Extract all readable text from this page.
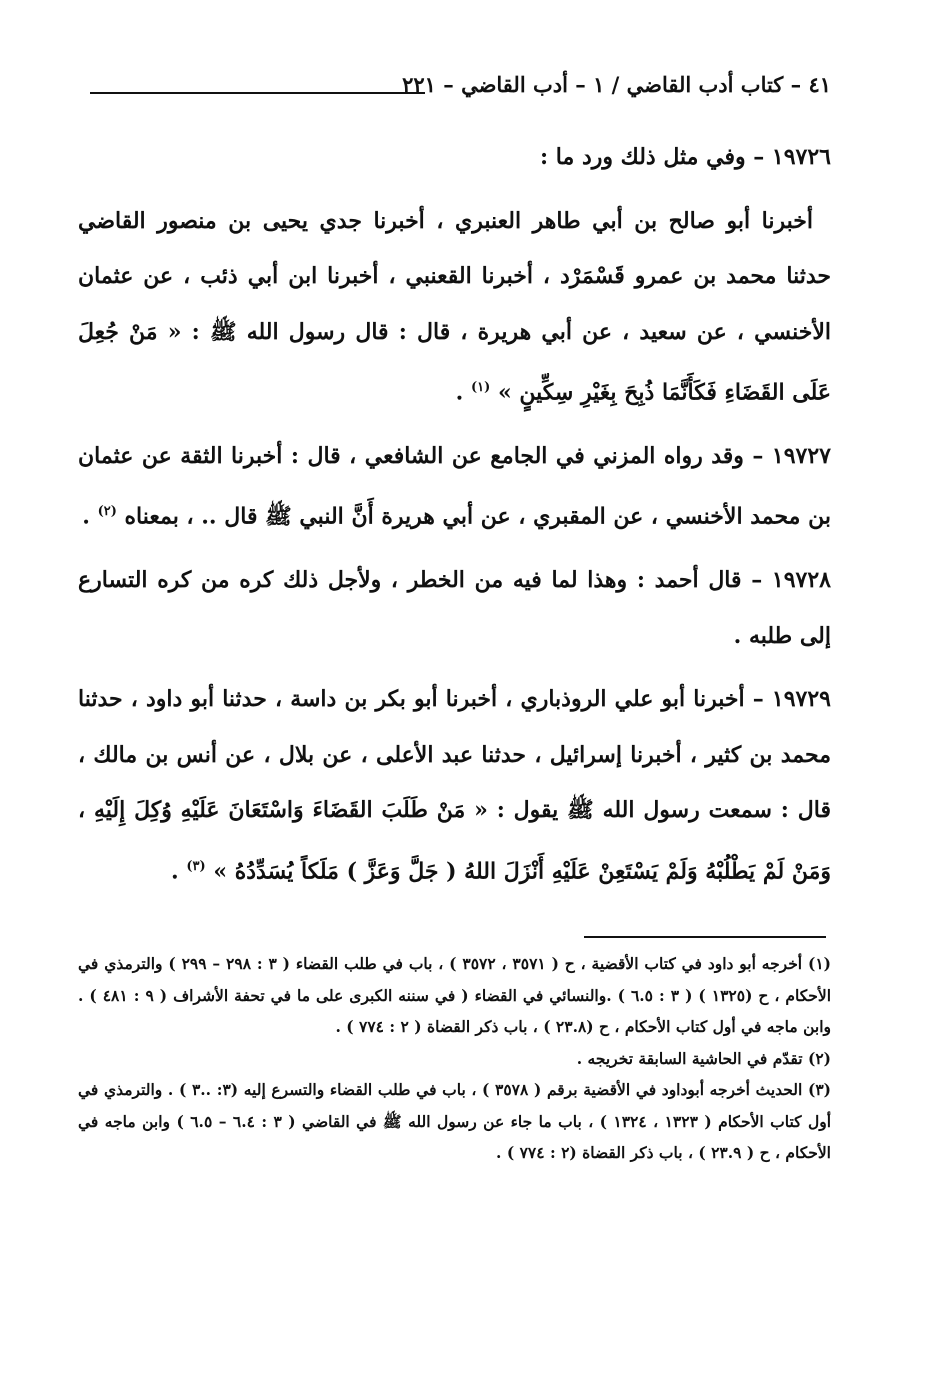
٤١ – كتاب أدب القاضي / ١ – أدب القاضي – ٢٢١

١٩٧٢٦ – وفي مثل ذلك ورد ما :

أخبرنا أبو صالح بن أبي طاهر العنبري ، أخبرنا جدي يحيى بن منصور القاضي حدثنا محمد بن عمرو قَسْمَرْد ، أخبرنا القعنبي ، أخبرنا ابن أبي ذئب ، عن عثمان الأخنسي ، عن سعيد ، عن أبي هريرة ، قال : قال رسول الله ﷺ : « مَنْ جُعِلَ عَلَى القَضَاءِ فَكَأَنَّمَا ذُبِحَ بِغَيْرِ سِكِّينٍ » $^{(١)}$ .

١٩٧٢٧ – وقد رواه المزني في الجامع عن الشافعي ، قال : أخبرنا الثقة عن عثمان بن محمد الأخنسي ، عن المقبري ، عن أبي هريرة أَنَّ النبي ﷺ قال .. ، بمعناه $^{(٢)}$ .

١٩٧٢٨ – قال أحمد : وهذا لما فيه من الخطر ، ولأجل ذلك كره من كره التسارع إلى طلبه .

١٩٧٢٩ – أخبرنا أبو علي الروذباري ، أخبرنا أبو بكر بن داسة ، حدثنا أبو داود ، حدثنا محمد بن كثير ، أخبرنا إسرائيل ، حدثنا عبد الأعلى ، عن بلال ، عن أنس بن مالك ، قال : سمعت رسول الله ﷺ يقول : « مَنْ طَلَبَ القَضَاءَ وَاسْتَعَانَ عَلَيْهِ وُكِلَ إِلَيْهِ ، وَمَنْ لَمْ يَطْلُبْهُ وَلَمْ يَسْتَعِنْ عَلَيْهِ أَنْزَلَ اللهُ ( جَلَّ وَعَزَّ ) مَلَكاً يُسَدِّدُهُ » $^{(٣)}$ .

(١) أخرجه أبو داود في كتاب الأقضية ، ح ( ٣٥٧١ ، ٣٥٧٢ ) ، باب في طلب القضاء ( ٣ : ٢٩٨ – ٢٩٩ ) والترمذي في الأحكام ، ح (١٣٢٥ ) ( ٣ : ٦.٥ ) .والنسائي في القضاء ( في سننه الكبرى على ما في تحفة الأشراف ( ٩ : ٤٨١ ) . وابن ماجه في أول كتاب الأحكام ، ح (٢٣.٨ ) ، باب ذكر القضاة ( ٢ : ٧٧٤ ) .

(٢) تقدّم في الحاشية السابقة تخريجه .

(٣) الحديث أخرجه أبوداود في الأقضية برقم ( ٣٥٧٨ ) ، باب في طلب القضاء والتسرع إليه (٣: ..٣ ) . والترمذي في أول كتاب الأحكام ( ١٣٢٣ ، ١٣٢٤ ) ، باب ما جاء عن رسول الله ﷺ في القاضي ( ٣ : ٦.٤ – ٦.٥ ) وابن ماجه في الأحكام ، ح ( ٢٣.٩ ) ، باب ذكر القضاة (٢ : ٧٧٤ ) .
